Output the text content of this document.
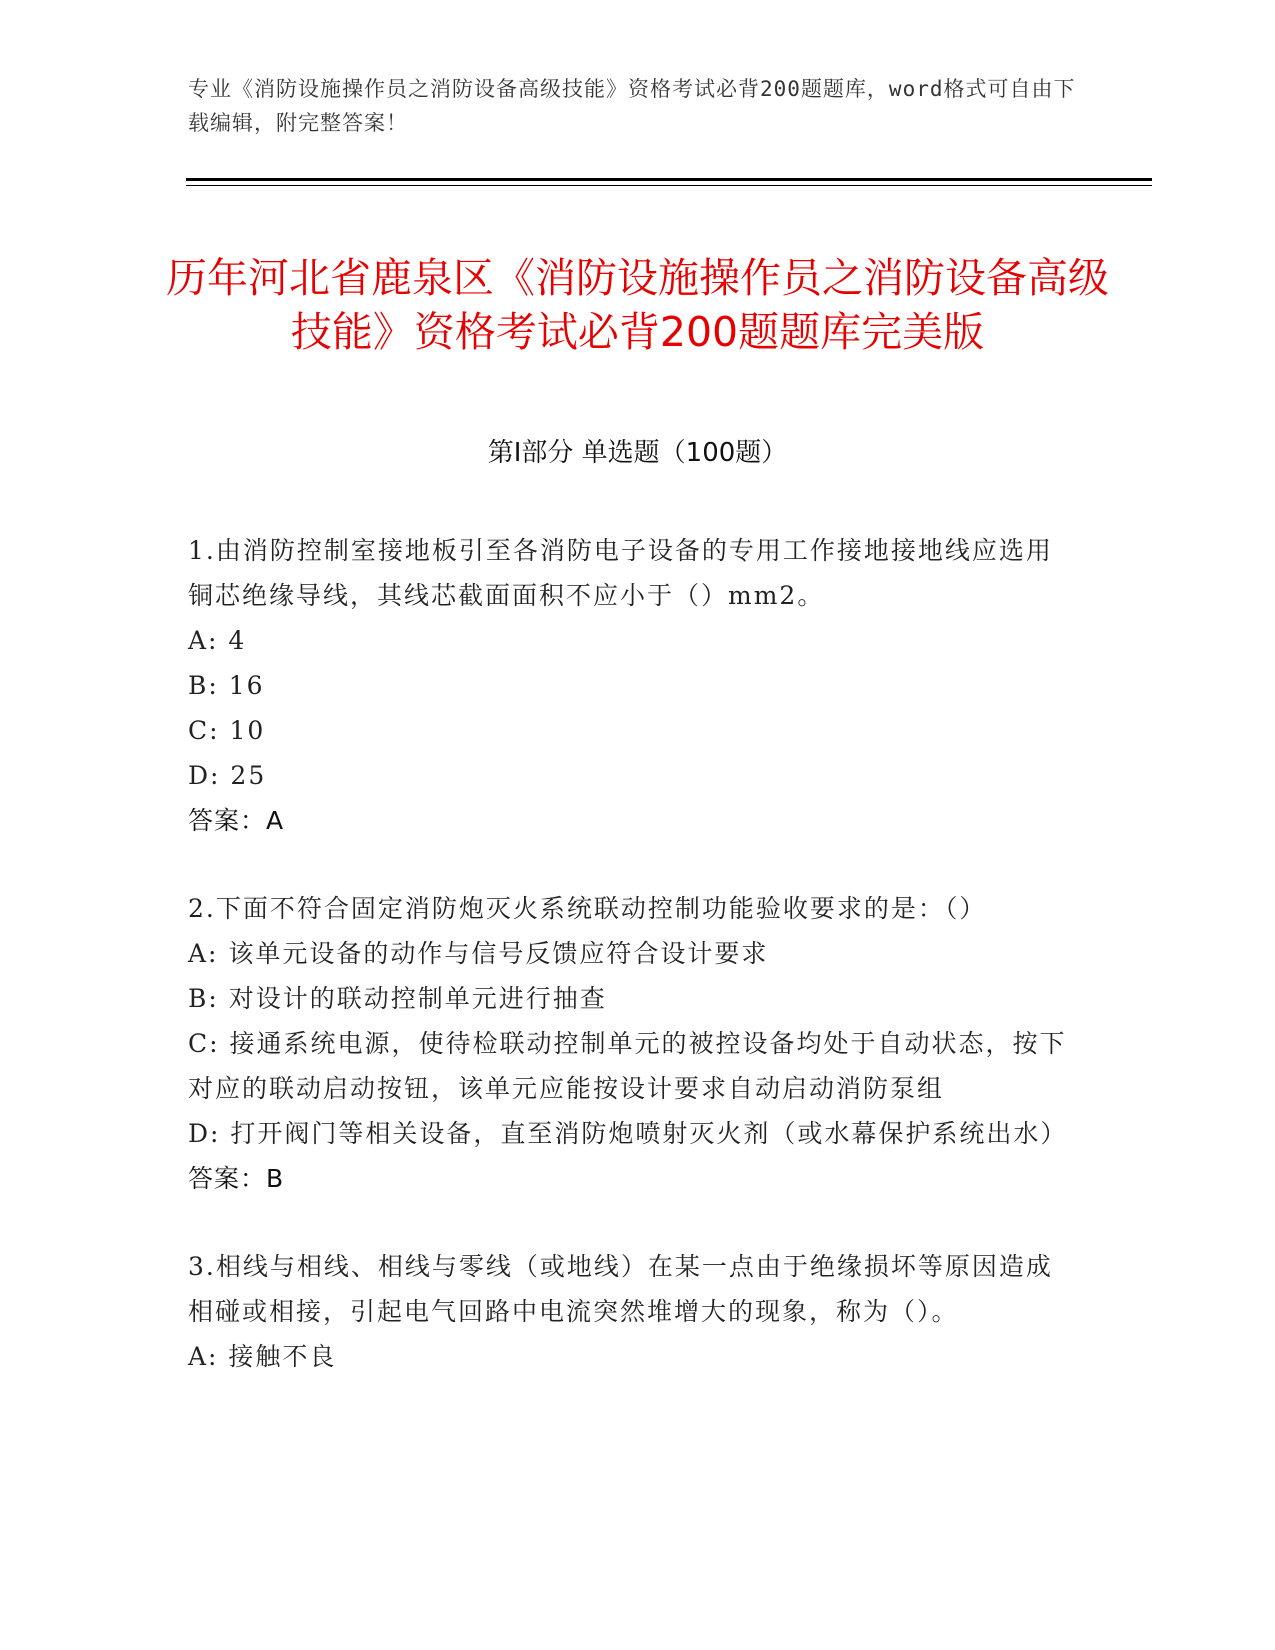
专业《消防设施操作员之消防设备高级技能》资格考试必背200题题库，word格式可自由下载编辑，附完整答案！
历年河北省鹿泉区《消防设施操作员之消防设备高级技能》资格考试必背200题题库完美版
第Ⅰ部分 单选题（100题）

1.由消防控制室接地板引至各消防电子设备的专用工作接地接地线应选用铜芯绝缘导线，其线芯截面面积不应小于（）mm2。

A: 4

B: 16

C: 10

D: 25

答案：A

2.下面不符合固定消防炮灭火系统联动控制功能验收要求的是：（）

A: 该单元设备的动作与信号反馈应符合设计要求

B: 对设计的联动控制单元进行抽查

C: 接通系统电源，使待检联动控制单元的被控设备均处于自动状态，按下对应的联动启动按钮，该单元应能按设计要求自动启动消防泵组

D: 打开阀门等相关设备，直至消防炮喷射灭火剂（或水幕保护系统出水）

答案：B

3.相线与相线、相线与零线（或地线）在某一点由于绝缘损坏等原因造成相碰或相接，引起电气回路中电流突然堆增大的现象，称为（）。

A: 接触不良
